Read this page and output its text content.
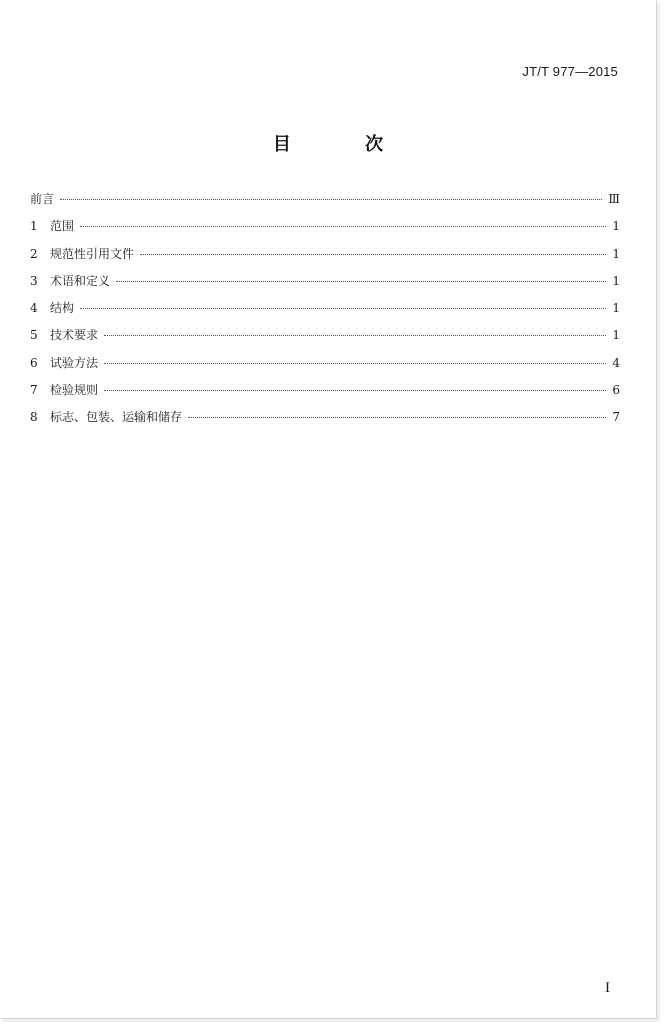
JT/T 977—2015
目 次
前言	Ⅲ
1	范围	1
2	规范性引用文件	1
3	术语和定义	1
4	结构	1
5	技术要求	1
6	试验方法	4
7	检验规则	6
8	标志、包装、运输和储存	7
I
